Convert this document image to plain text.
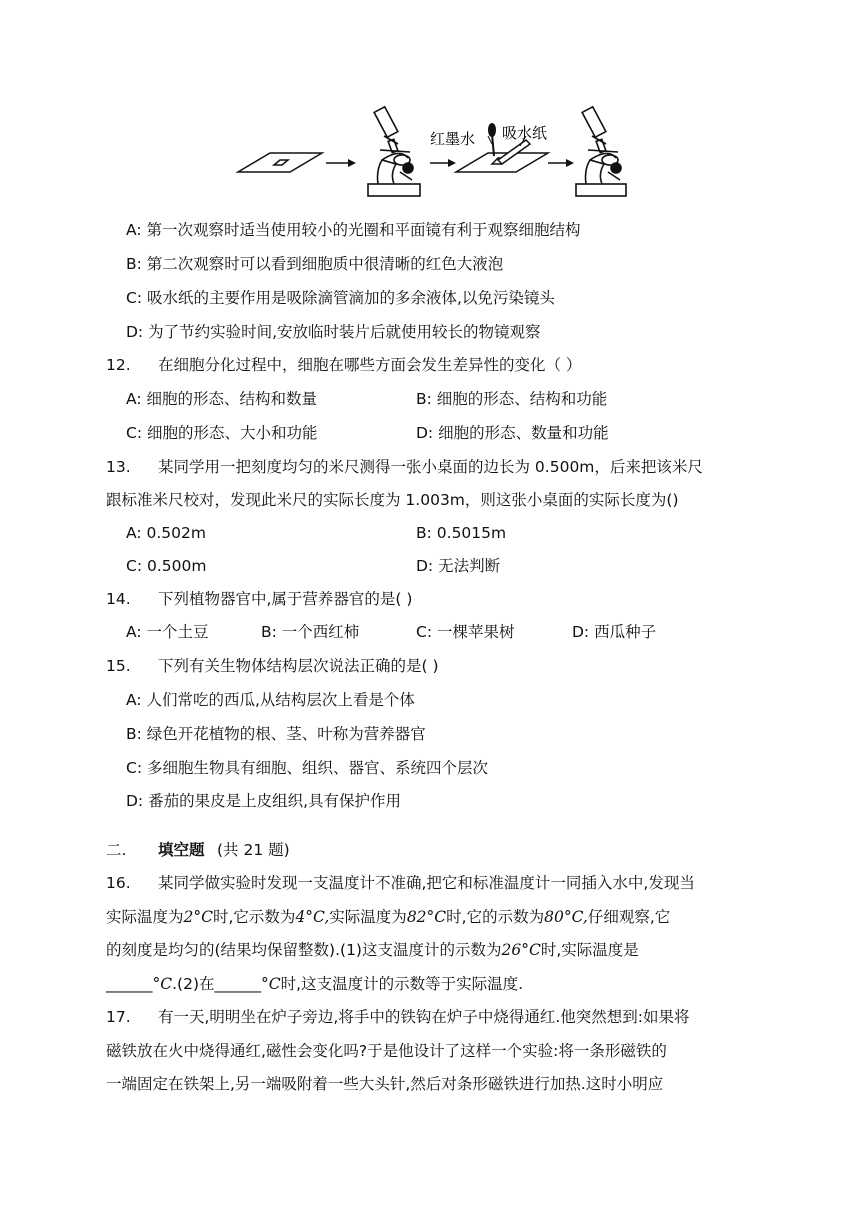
红墨水 吸水纸
A: 第一次观察时适当使用较小的光圈和平面镜有利于观察细胞结构
B: 第二次观察时可以看到细胞质中很清晰的红色大液泡
C: 吸水纸的主要作用是吸除滴管滴加的多余液体,以免污染镜头
D: 为了节约实验时间,安放临时装片后就使用较长的物镜观察
12. 在细胞分化过程中，细胞在哪些方面会发生差异性的变化（ ）
A: 细胞的形态、结构和数量	B: 细胞的形态、结构和功能
C: 细胞的形态、大小和功能	D: 细胞的形态、数量和功能
13. 某同学用一把刻度均匀的米尺测得一张小桌面的边长为 0.500m，后来把该米尺
跟标准米尺校对，发现此米尺的实际长度为 1.003m，则这张小桌面的实际长度为()
A: 0.502m	B: 0.5015m
C: 0.500m	D: 无法判断
14. 下列植物器官中,属于营养器官的是( )
A: 一个土豆	B: 一个西红柿	C: 一棵苹果树	D: 西瓜种子
15. 下列有关生物体结构层次说法正确的是( )
A: 人们常吃的西瓜,从结构层次上看是个体
B: 绿色开花植物的根、茎、叶称为营养器官
C: 多细胞生物具有细胞、组织、器官、系统四个层次
D: 番茄的果皮是上皮组织,具有保护作用
二. 填空题 (共 21 题)
16. 某同学做实验时发现一支温度计不准确,把它和标准温度计一同插入水中,发现当
实际温度为2°C时,它示数为4°C,实际温度为82°C时,它的示数为80°C,仔细观察,它
的刻度是均匀的(结果均保留整数).(1)这支温度计的示数为26°C时,实际温度是
______°C.(2)在______°C时,这支温度计的示数等于实际温度.
17. 有一天,明明坐在炉子旁边,将手中的铁钩在炉子中烧得通红.他突然想到:如果将
磁铁放在火中烧得通红,磁性会变化吗?于是他设计了这样一个实验:将一条形磁铁的
一端固定在铁架上,另一端吸附着一些大头针,然后对条形磁铁进行加热.这时小明应
